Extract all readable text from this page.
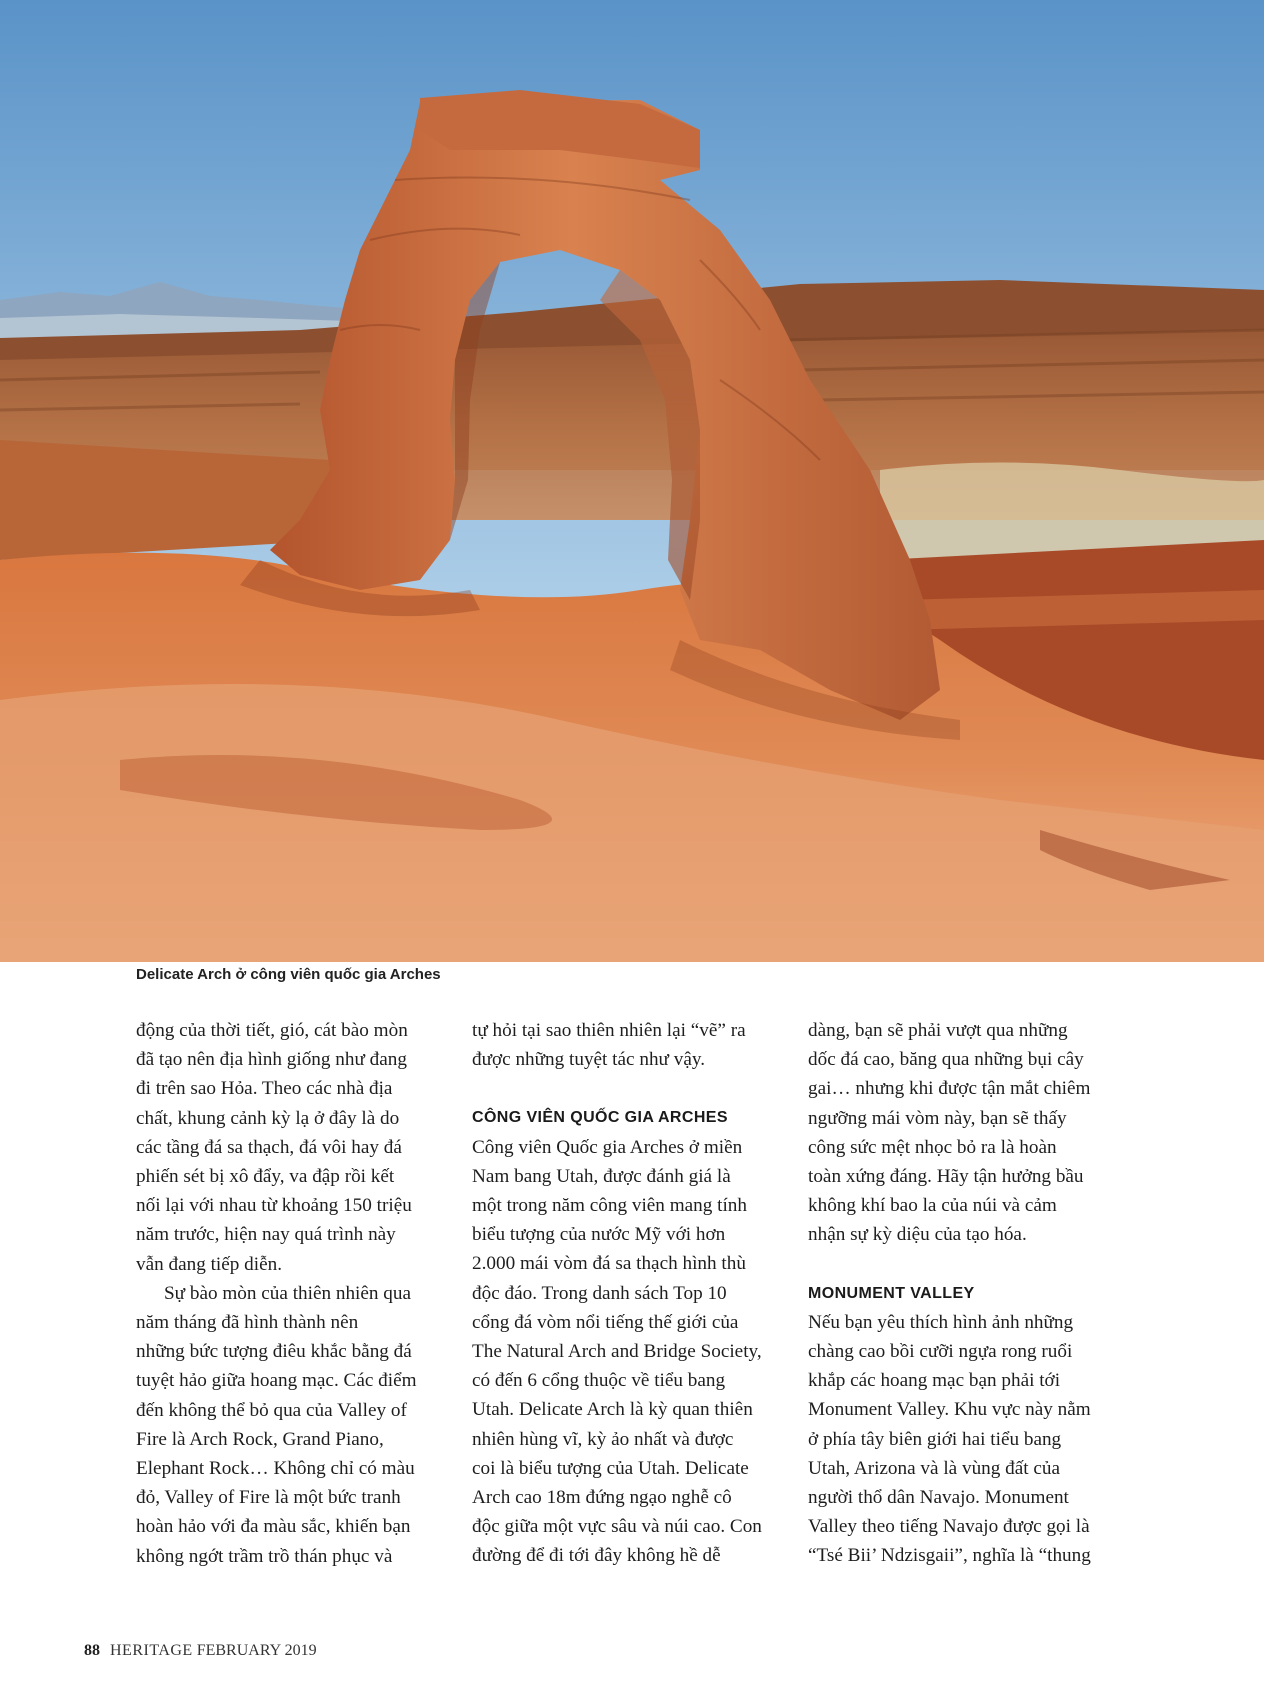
Delicate Arch ở công viên quốc gia Arches

động của thời tiết, gió, cát bào mòn
đã tạo nên địa hình giống như đang
đi trên sao Hỏa. Theo các nhà địa
chất, khung cảnh kỳ lạ ở đây là do
các tầng đá sa thạch, đá vôi hay đá
phiến sét bị xô đẩy, va đập rồi kết
nối lại với nhau từ khoảng 150 triệu
năm trước, hiện nay quá trình này
vẫn đang tiếp diễn.

Sự bào mòn của thiên nhiên qua
năm tháng đã hình thành nên
những bức tượng điêu khắc bằng đá
tuyệt hảo giữa hoang mạc. Các điểm
đến không thể bỏ qua của Valley of
Fire là Arch Rock, Grand Piano,
Elephant Rock… Không chỉ có màu
đỏ, Valley of Fire là một bức tranh
hoàn hảo với đa màu sắc, khiến bạn
không ngớt trầm trồ thán phục và

tự hỏi tại sao thiên nhiên lại “vẽ” ra
được những tuyệt tác như vậy.

CÔNG VIÊN QUỐC GIA ARCHES

Công viên Quốc gia Arches ở miền
Nam bang Utah, được đánh giá là
một trong năm công viên mang tính
biểu tượng của nước Mỹ với hơn
2.000 mái vòm đá sa thạch hình thù
độc đáo. Trong danh sách Top 10
cổng đá vòm nổi tiếng thế giới của
The Natural Arch and Bridge Society,
có đến 6 cổng thuộc về tiểu bang
Utah. Delicate Arch là kỳ quan thiên
nhiên hùng vĩ, kỳ ảo nhất và được
coi là biểu tượng của Utah. Delicate
Arch cao 18m đứng ngạo nghễ cô
độc giữa một vực sâu và núi cao. Con
đường để đi tới đây không hề dễ

dàng, bạn sẽ phải vượt qua những
dốc đá cao, băng qua những bụi cây
gai… nhưng khi được tận mắt chiêm
ngưỡng mái vòm này, bạn sẽ thấy
công sức mệt nhọc bỏ ra là hoàn
toàn xứng đáng. Hãy tận hưởng bầu
không khí bao la của núi và cảm
nhận sự kỳ diệu của tạo hóa.

MONUMENT VALLEY

Nếu bạn yêu thích hình ảnh những
chàng cao bồi cưỡi ngựa rong ruổi
khắp các hoang mạc bạn phải tới
Monument Valley. Khu vực này nằm
ở phía tây biên giới hai tiểu bang
Utah, Arizona và là vùng đất của
người thổ dân Navajo. Monument
Valley theo tiếng Navajo được gọi là
“Tsé Bii’ Ndzisgaii”, nghĩa là “thung

88 HERITAGE FEBRUARY 2019
